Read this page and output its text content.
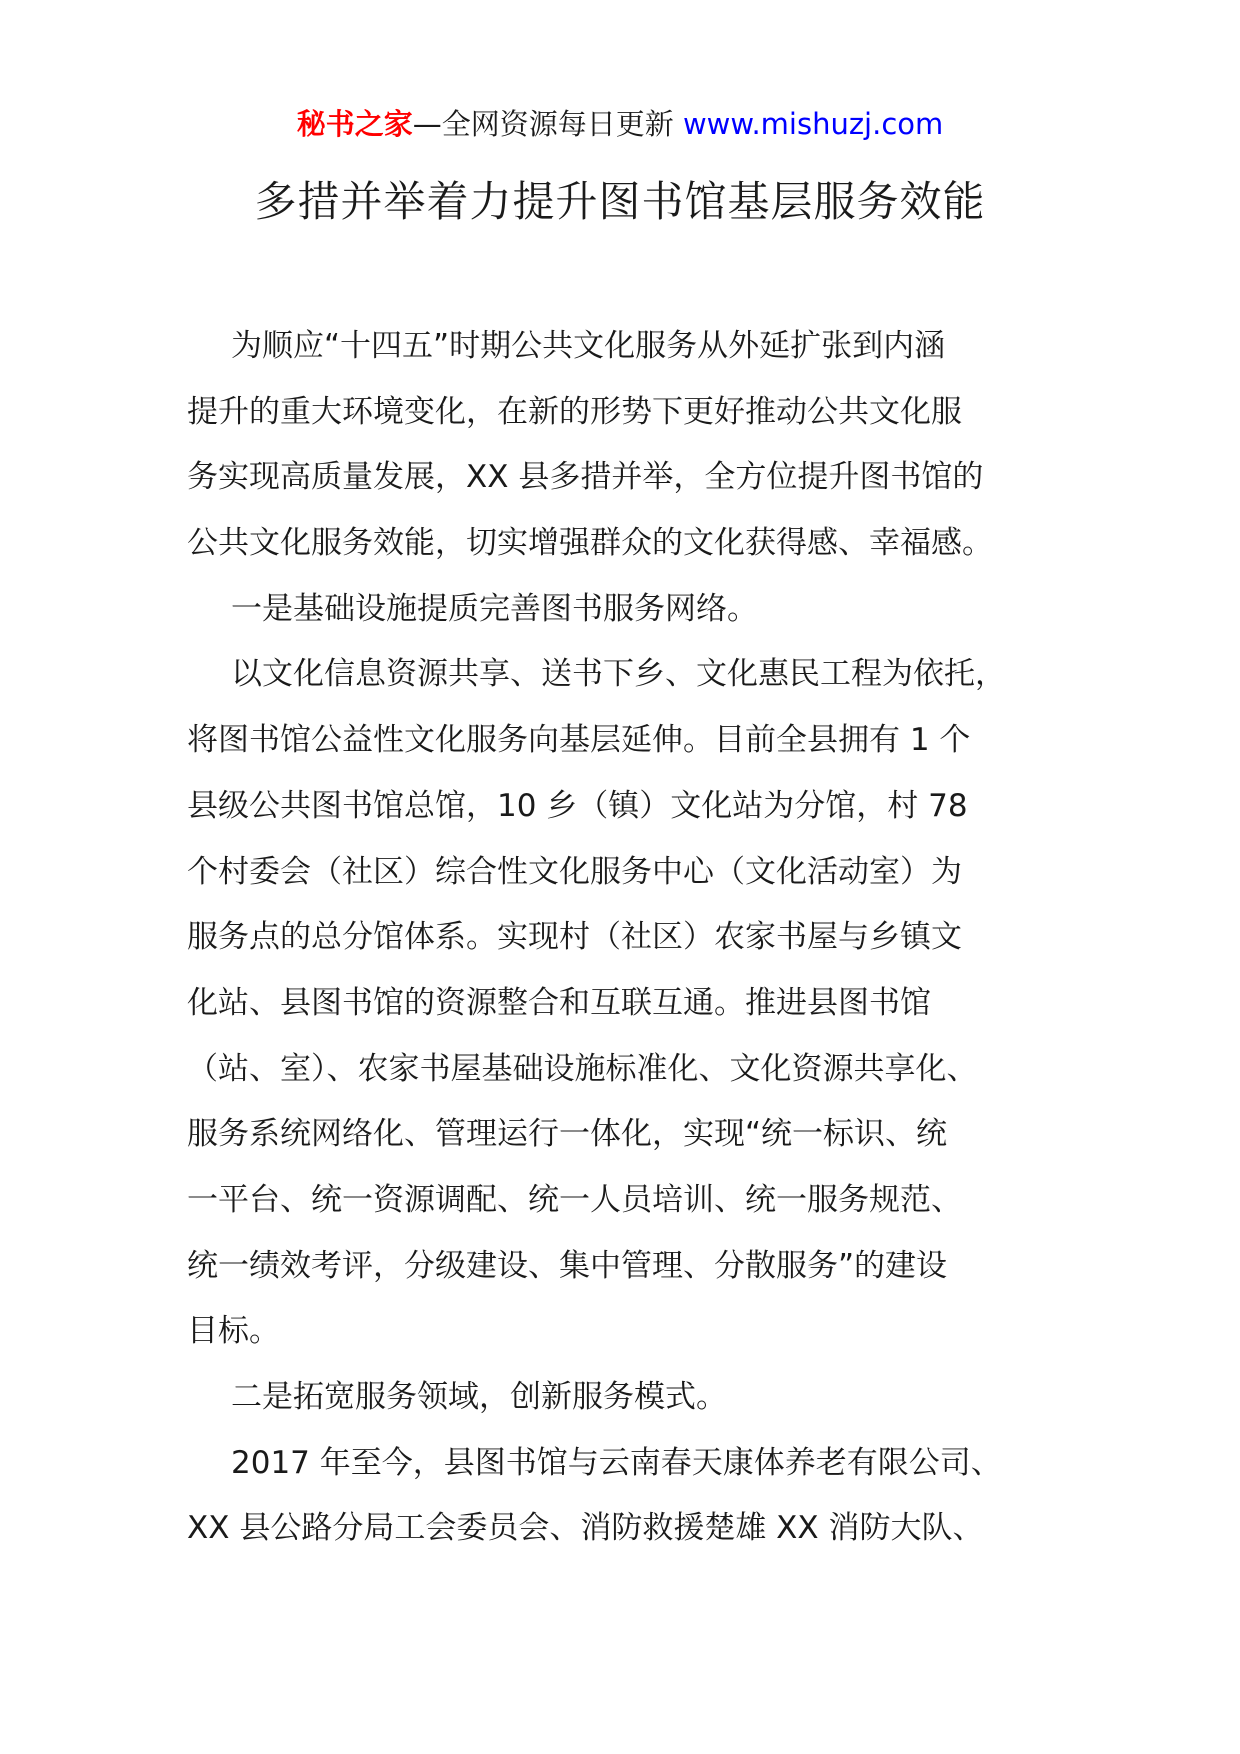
秘书之家—全网资源每日更新 www.mishuzj.com
多措并举着力提升图书馆基层服务效能
为顺应“十四五”时期公共文化服务从外延扩张到内涵
提升的重大环境变化，在新的形势下更好推动公共文化服
务实现高质量发展，XX 县多措并举，全方位提升图书馆的
公共文化服务效能，切实增强群众的文化获得感、幸福感。
一是基础设施提质完善图书服务网络。
以文化信息资源共享、送书下乡、文化惠民工程为依托，
将图书馆公益性文化服务向基层延伸。目前全县拥有 1 个
县级公共图书馆总馆，10 乡（镇）文化站为分馆，村 78
个村委会（社区）综合性文化服务中心（文化活动室）为
服务点的总分馆体系。实现村（社区）农家书屋与乡镇文
化站、县图书馆的资源整合和互联互通。推进县图书馆
（站、室）、农家书屋基础设施标准化、文化资源共享化、
服务系统网络化、管理运行一体化，实现“统一标识、统
一平台、统一资源调配、统一人员培训、统一服务规范、
统一绩效考评，分级建设、集中管理、分散服务”的建设
目标。
二是拓宽服务领域，创新服务模式。
2017 年至今，县图书馆与云南春天康体养老有限公司、
XX 县公路分局工会委员会、消防救援楚雄 XX 消防大队、
